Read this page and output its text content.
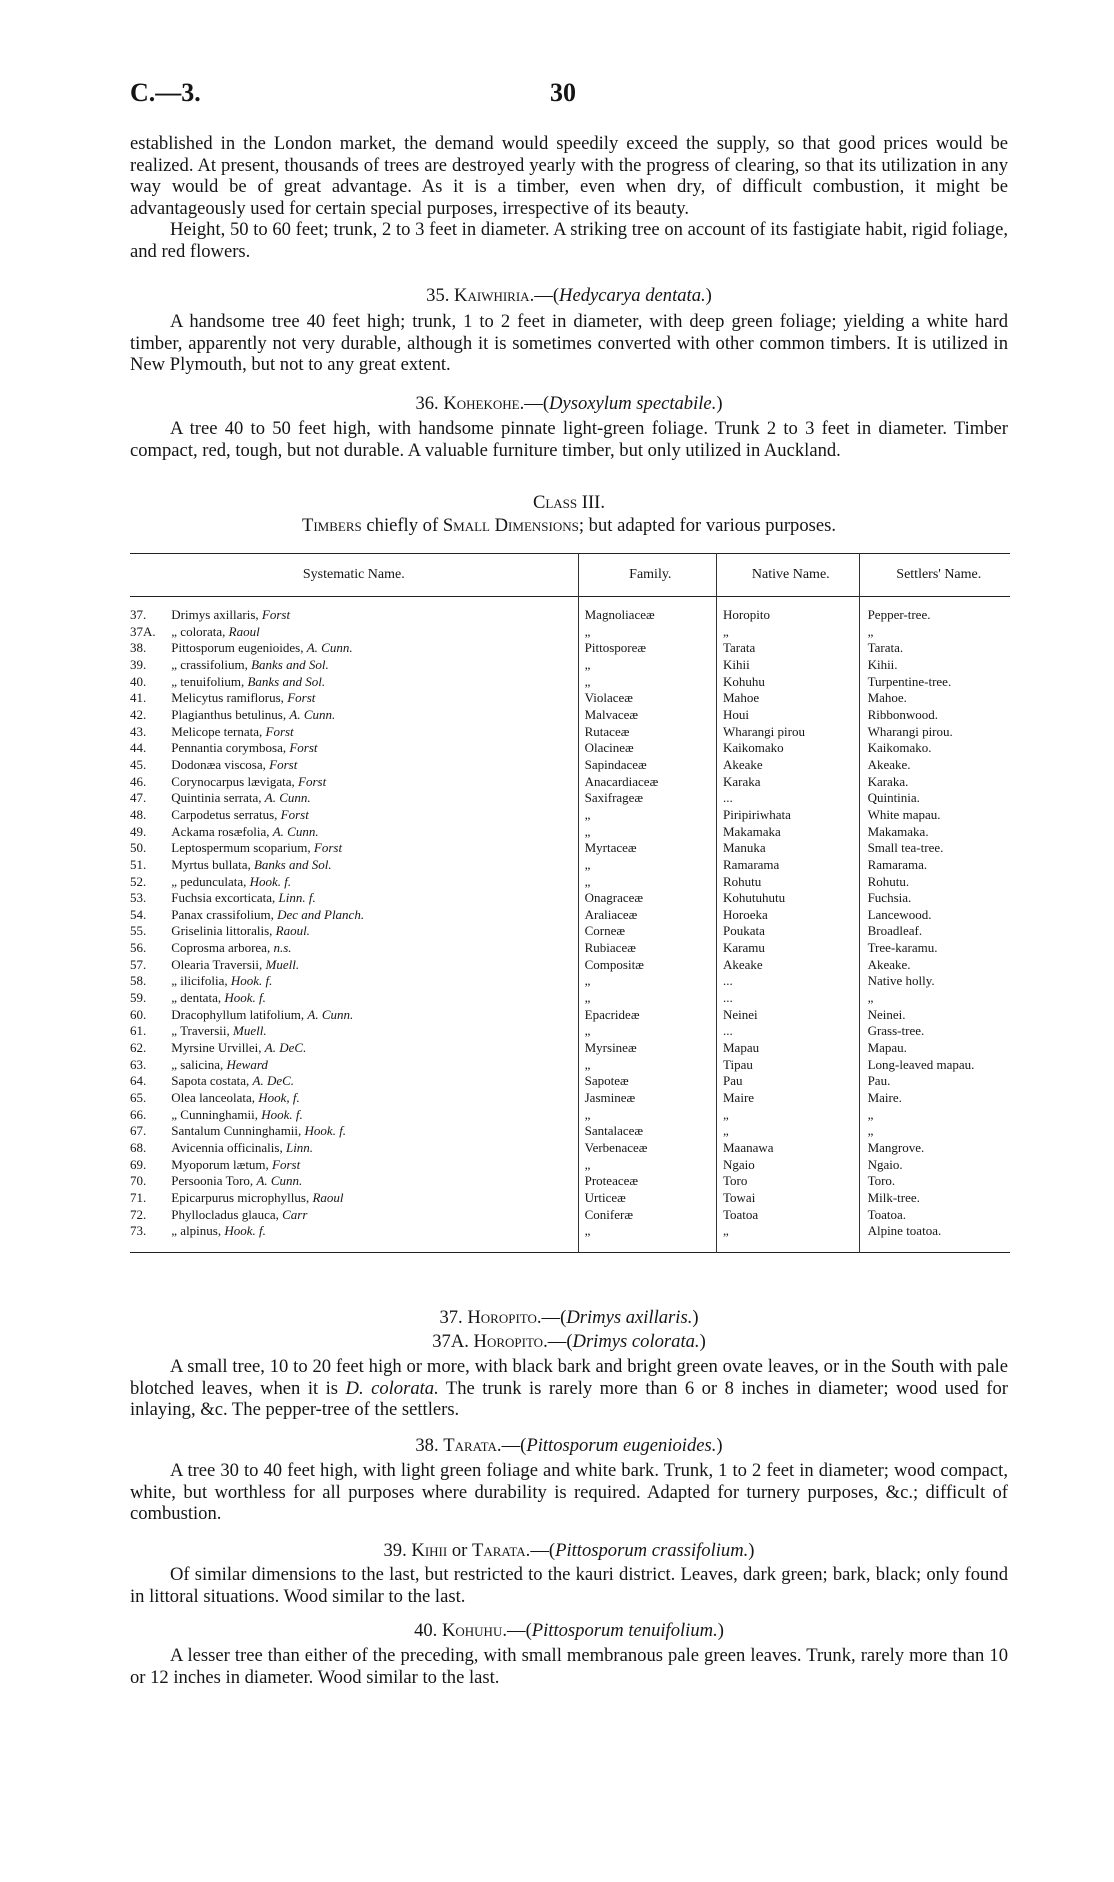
C.—3.	30

established in the London market, the demand would speedily exceed the supply, so that good prices would be realized. At present, thousands of trees are destroyed yearly with the progress of clearing, so that its utilization in any way would be of great advantage. As it is a timber, even when dry, of difficult combustion, it might be advantageously used for certain special purposes, irrespective of its beauty.

Height, 50 to 60 feet; trunk, 2 to 3 feet in diameter. A striking tree on account of its fastigiate habit, rigid foliage, and red flowers.

35. Kaiwhiria.—(Hedycarya dentata.)

A handsome tree 40 feet high; trunk, 1 to 2 feet in diameter, with deep green foliage; yielding a white hard timber, apparently not very durable, although it is sometimes converted with other common timbers. It is utilized in New Plymouth, but not to any great extent.

36. Kohekohe.—(Dysoxylum spectabile.)

A tree 40 to 50 feet high, with handsome pinnate light-green foliage. Trunk 2 to 3 feet in diameter. Timber compact, red, tough, but not durable. A valuable furniture timber, but only utilized in Auckland.

Class III.
Timbers chiefly of Small Dimensions; but adapted for various purposes.
Systematic Name.		Family.	Native Name.	Settlers' Name.
37.	Drimys axillaris, Forst	Magnoliaceæ	Horopito	Pepper-tree.
37A.	„ colorata, Raoul	„	„	„
38.	Pittosporum eugenioides, A. Cunn.	Pittosporeæ	Tarata	Tarata.
39.	„ crassifolium, Banks and Sol.	„	Kihii	Kihii.
40.	„ tenuifolium, Banks and Sol.	„	Kohuhu	Turpentine-tree.
41.	Melicytus ramiflorus, Forst	Violaceæ	Mahoe	Mahoe.
42.	Plagianthus betulinus, A. Cunn.	Malvaceæ	Houi	Ribbonwood.
43.	Melicope ternata, Forst	Rutaceæ	Wharangi pirou	Wharangi pirou.
44.	Pennantia corymbosa, Forst	Olacineæ	Kaikomako	Kaikomako.
45.	Dodonæa viscosa, Forst	Sapindaceæ	Akeake	Akeake.
46.	Corynocarpus lævigata, Forst	Anacardiaceæ	Karaka	Karaka.
47.	Quintinia serrata, A. Cunn.	Saxifrageæ	...	Quintinia.
48.	Carpodetus serratus, Forst	„	Piripiriwhata	White mapau.
49.	Ackama rosæfolia, A. Cunn.	„	Makamaka	Makamaka.
50.	Leptospermum scoparium, Forst	Myrtaceæ	Manuka	Small tea-tree.
51.	Myrtus bullata, Banks and Sol.	„	Ramarama	Ramarama.
52.	„ pedunculata, Hook. f.	„	Rohutu	Rohutu.
53.	Fuchsia excorticata, Linn. f.	Onagraceæ	Kohutuhutu	Fuchsia.
54.	Panax crassifolium, Dec and Planch.	Araliaceæ	Horoeka	Lancewood.
55.	Griselinia littoralis, Raoul.	Corneæ	Poukata	Broadleaf.
56.	Coprosma arborea, n.s.	Rubiaceæ	Karamu	Tree-karamu.
57.	Olearia Traversii, Muell.	Compositæ	Akeake	Akeake.
58.	„ ilicifolia, Hook. f.	„	...	Native holly.
59.	„ dentata, Hook. f.	„	...	„
60.	Dracophyllum latifolium, A. Cunn.	Epacrideæ	Neinei	Neinei.
61.	„ Traversii, Muell.	„	...	Grass-tree.
62.	Myrsine Urvillei, A. DeC.	Myrsineæ	Mapau	Mapau.
63.	„ salicina, Heward	„	Tipau	Long-leaved mapau.
64.	Sapota costata, A. DeC.	Sapoteæ	Pau	Pau.
65.	Olea lanceolata, Hook, f.	Jasmineæ	Maire	Maire.
66.	„ Cunninghamii, Hook. f.	„	„	„
67.	Santalum Cunninghamii, Hook. f.	Santalaceæ	„	„
68.	Avicennia officinalis, Linn.	Verbenaceæ	Maanawa	Mangrove.
69.	Myoporum lætum, Forst	„	Ngaio	Ngaio.
70.	Persoonia Toro, A. Cunn.	Proteaceæ	Toro	Toro.
71.	Epicarpurus microphyllus, Raoul	Urticeæ	Towai	Milk-tree.
72.	Phyllocladus glauca, Carr	Coniferæ	Toatoa	Toatoa.
73.	„ alpinus, Hook. f.	„	„	Alpine toatoa.
37. Horopito.—(Drimys axillaris.)
37A. Horopito.—(Drimys colorata.)

A small tree, 10 to 20 feet high or more, with black bark and bright green ovate leaves, or in the South with pale blotched leaves, when it is D. colorata. The trunk is rarely more than 6 or 8 inches in diameter; wood used for inlaying, &c. The pepper-tree of the settlers.

38. Tarata.—(Pittosporum eugenioides.)

A tree 30 to 40 feet high, with light green foliage and white bark. Trunk, 1 to 2 feet in diameter; wood compact, white, but worthless for all purposes where durability is required. Adapted for turnery purposes, &c.; difficult of combustion.

39. Kihii or Tarata.—(Pittosporum crassifolium.)

Of similar dimensions to the last, but restricted to the kauri district. Leaves, dark green; bark, black; only found in littoral situations. Wood similar to the last.

40. Kohuhu.—(Pittosporum tenuifolium.)

A lesser tree than either of the preceding, with small membranous pale green leaves. Trunk, rarely more than 10 or 12 inches in diameter. Wood similar to the last.
